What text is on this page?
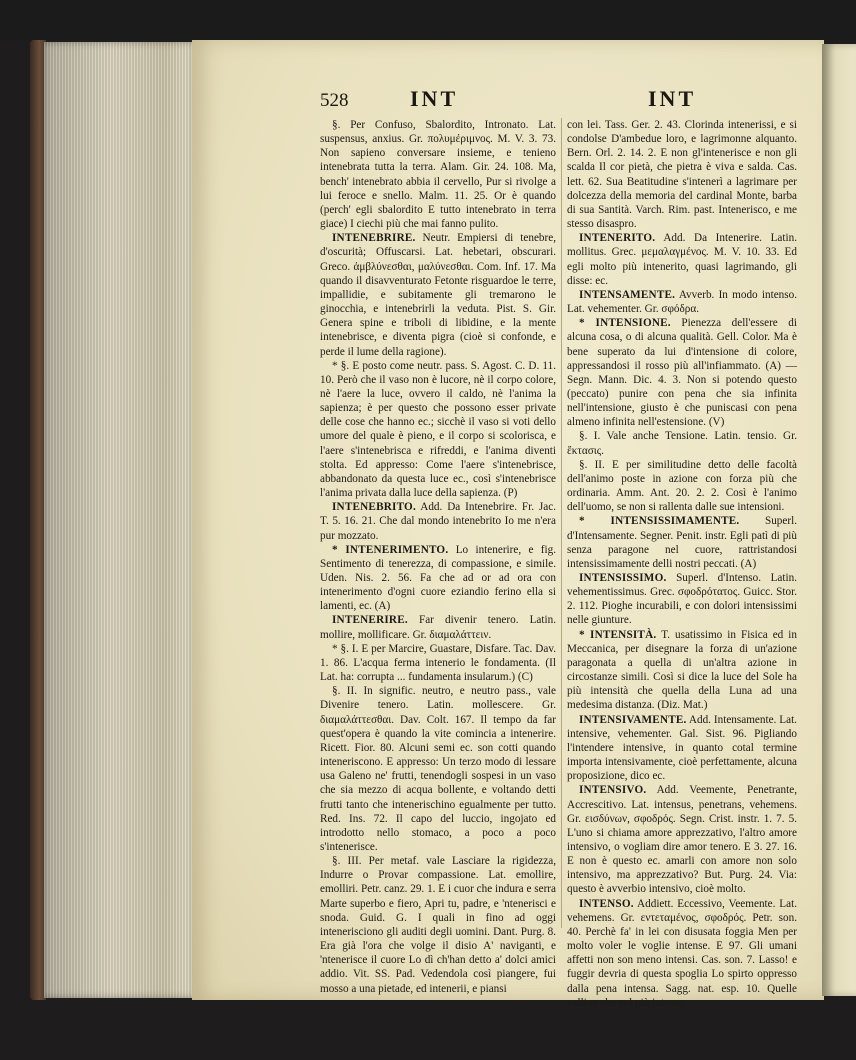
528	INT	INT

§. Per Confuso, Sbalordito, Intronato. Lat. suspensus, anxius. Gr. πολυμέριμνος. M. V. 3. 73. Non sapieno conversare insieme, e tenieno intenebrata tutta la terra. Alam. Gir. 24. 108. Ma, bench' intenebrato abbia il cervello, Pur si rivolge a lui feroce e snello. Malm. 11. 25. Or è quando (perch' egli sbalordito E tutto intenebrato in terra giace) I ciechi più che mai fanno pulito.

INTENEBRIRE. Neutr. Empiersi di tenebre, d'oscurità; Offuscarsi. Lat. hebetari, obscurari. Greco. ἀμβλύνεσθαι, μαλύνεσθαι. Com. Inf. 17. Ma quando il disavventurato Fetonte risguardoe le terre, impallidie, e subitamente gli tremarono le ginocchia, e intenebrirli la veduta. Pist. S. Gir. Genera spine e triboli di libidine, e la mente intenebrisce, e diventa pigra (cioè si confonde, e perde il lume della ragione).

* §. E posto come neutr. pass. S. Agost. C. D. 11. 10. Però che il vaso non è lucore, nè il corpo colore, nè l'aere la luce, ovvero il caldo, nè l'anima la sapienza; è per questo che possono esser private delle cose che hanno ec.; sicchè il vaso si voti dello umore del quale è pieno, e il corpo si scolorisca, e l'aere s'intenebrisca e rifreddi, e l'anima diventi stolta. Ed appresso: Come l'aere s'intenebrisce, abbandonato da questa luce ec., così s'intenebrisce l'anima privata dalla luce della sapienza. (P)

INTENEBRITO. Add. Da Intenebrire. Fr. Jac. T. 5. 16. 21. Che dal mondo intenebrito Io me n'era pur mozzato.

* INTENERIMENTO. Lo intenerire, e fig. Sentimento di tenerezza, di compassione, e simile. Uden. Nis. 2. 56. Fa che ad or ad ora con intenerimento d'ogni cuore eziandio ferino ella si lamenti, ec. (A)

INTENERIRE. Far divenir tenero. Latin. mollire, mollificare. Gr. διαμαλάττειν.

* §. I. E per Marcire, Guastare, Disfare. Tac. Dav. 1. 86. L'acqua ferma intenerio le fondamenta. (Il Lat. ha: corrupta ... fundamenta insularum.) (C)

§. II. In signific. neutro, e neutro pass., vale Divenire tenero. Latin. mollescere. Gr. διαμαλάττεσθαι. Dav. Colt. 167. Il tempo da far quest'opera è quando la vite comincia a intenerire. Ricett. Fior. 80. Alcuni semi ec. son cotti quando inteneriscono. E appresso: Un terzo modo di lessare usa Galeno ne' frutti, tenendogli sospesi in un vaso che sia mezzo di acqua bollente, e voltando detti frutti tanto che intenerischino egualmente per tutto. Red. Ins. 72. Il capo del luccio, ingojato ed introdotto nello stomaco, a poco a poco s'intenerisce.

§. III. Per metaf. vale Lasciare la rigidezza, Indurre o Provar compassione. Lat. emollire, emolliri. Petr. canz. 29. 1. E i cuor che indura e serra Marte superbo e fiero, Apri tu, padre, e 'ntenerisci e snoda. Guid. G. I quali in fino ad oggi intenerisciono gli auditi degli uomini. Dant. Purg. 8. Era già l'ora che volge il disio A' naviganti, e 'ntenerisce il cuore Lo dì ch'han detto a' dolci amici addio. Vit. SS. Pad. Vedendola così piangere, fui mosso a una pietade, ed intenerii, e piansi

con lei. Tass. Ger. 2. 43. Clorinda intenerissi, e si condolse D'ambedue loro, e lagrimonne alquanto. Bern. Orl. 2. 14. 2. E non gl'intenerisce e non gli scalda Il cor pietà, che pietra è viva e salda. Cas. lett. 62. Sua Beatitudine s'intenerì a lagrimare per dolcezza della memoria del cardinal Monte, barba di sua Santità. Varch. Rim. past. Intenerisco, e me stesso disaspro.

INTENERITO. Add. Da Intenerire. Latin. mollitus. Grec. μεμαλαγμένος. M. V. 10. 33. Ed egli molto più intenerito, quasi lagrimando, gli disse: ec.

INTENSAMENTE. Avverb. In modo intenso. Lat. vehementer. Gr. σφόδρα.

* INTENSIONE. Pienezza dell'essere di alcuna cosa, o di alcuna qualità. Gell. Color. Ma è bene superato da lui d'intensione di colore, appressandosi il rosso più all'infiammato. (A) — Segn. Mann. Dic. 4. 3. Non si potendo questo (peccato) punire con pena che sia infinita nell'intensione, giusto è che puniscasi con pena almeno infinita nell'estensione. (V)

§. I. Vale anche Tensione. Latin. tensio. Gr. ἔκτασις.

§. II. E per similitudine detto delle facoltà dell'animo poste in azione con forza più che ordinaria. Amm. Ant. 20. 2. 2. Così è l'animo dell'uomo, se non si rallenta dalle sue intensioni.

* INTENSISSIMAMENTE. Superl. d'Intensamente. Segner. Penit. instr. Egli patì di più senza paragone nel cuore, rattristandosi intensissimamente delli nostri peccati. (A)

INTENSISSIMO. Superl. d'Intenso. Latin. vehementissimus. Grec. σφοδρότατος. Guicc. Stor. 2. 112. Pioghe incurabili, e con dolori intensissimi nelle giunture.

* INTENSITÀ. T. usatissimo in Fisica ed in Meccanica, per disegnare la forza di un'azione paragonata a quella di un'altra azione in circostanze simili. Così si dice la luce del Sole ha più intensità che quella della Luna ad una medesima distanza. (Diz. Mat.)

INTENSIVAMENTE. Add. Intensamente. Lat. intensive, vehementer. Gal. Sist. 96. Pigliando l'intendere intensive, in quanto cotal termine importa intensivamente, cioè perfettamente, alcuna proposizione, dico ec.

INTENSIVO. Add. Veemente, Penetrante, Accrescitivo. Lat. intensus, penetrans, vehemens. Gr. εισδύνων, σφοδρός. Segn. Crist. instr. 1. 7. 5. L'uno si chiama amore apprezzativo, l'altro amore intensivo, o vogliam dire amor tenero. E 3. 27. 16. E non è questo ec. amarli con amore non solo intensivo, ma apprezzativo? But. Purg. 24. Via: questo è avverbio intensivo, cioè molto.

INTENSO. Addiett. Eccessivo, Veemente. Lat. vehemens. Gr. εντεταμένος, σφοδρός. Petr. son. 40. Perchè fa' in lei con disusata foggia Men per molto voler le voglie intense. E 97. Gli umani affetti non son meno intensi. Cas. son. 7. Lasso! e fuggir devria di questa spoglia Lo spirto oppresso dalla pena intensa. Sagg. nat. esp. 10. Quelle palline che nel più intenso
